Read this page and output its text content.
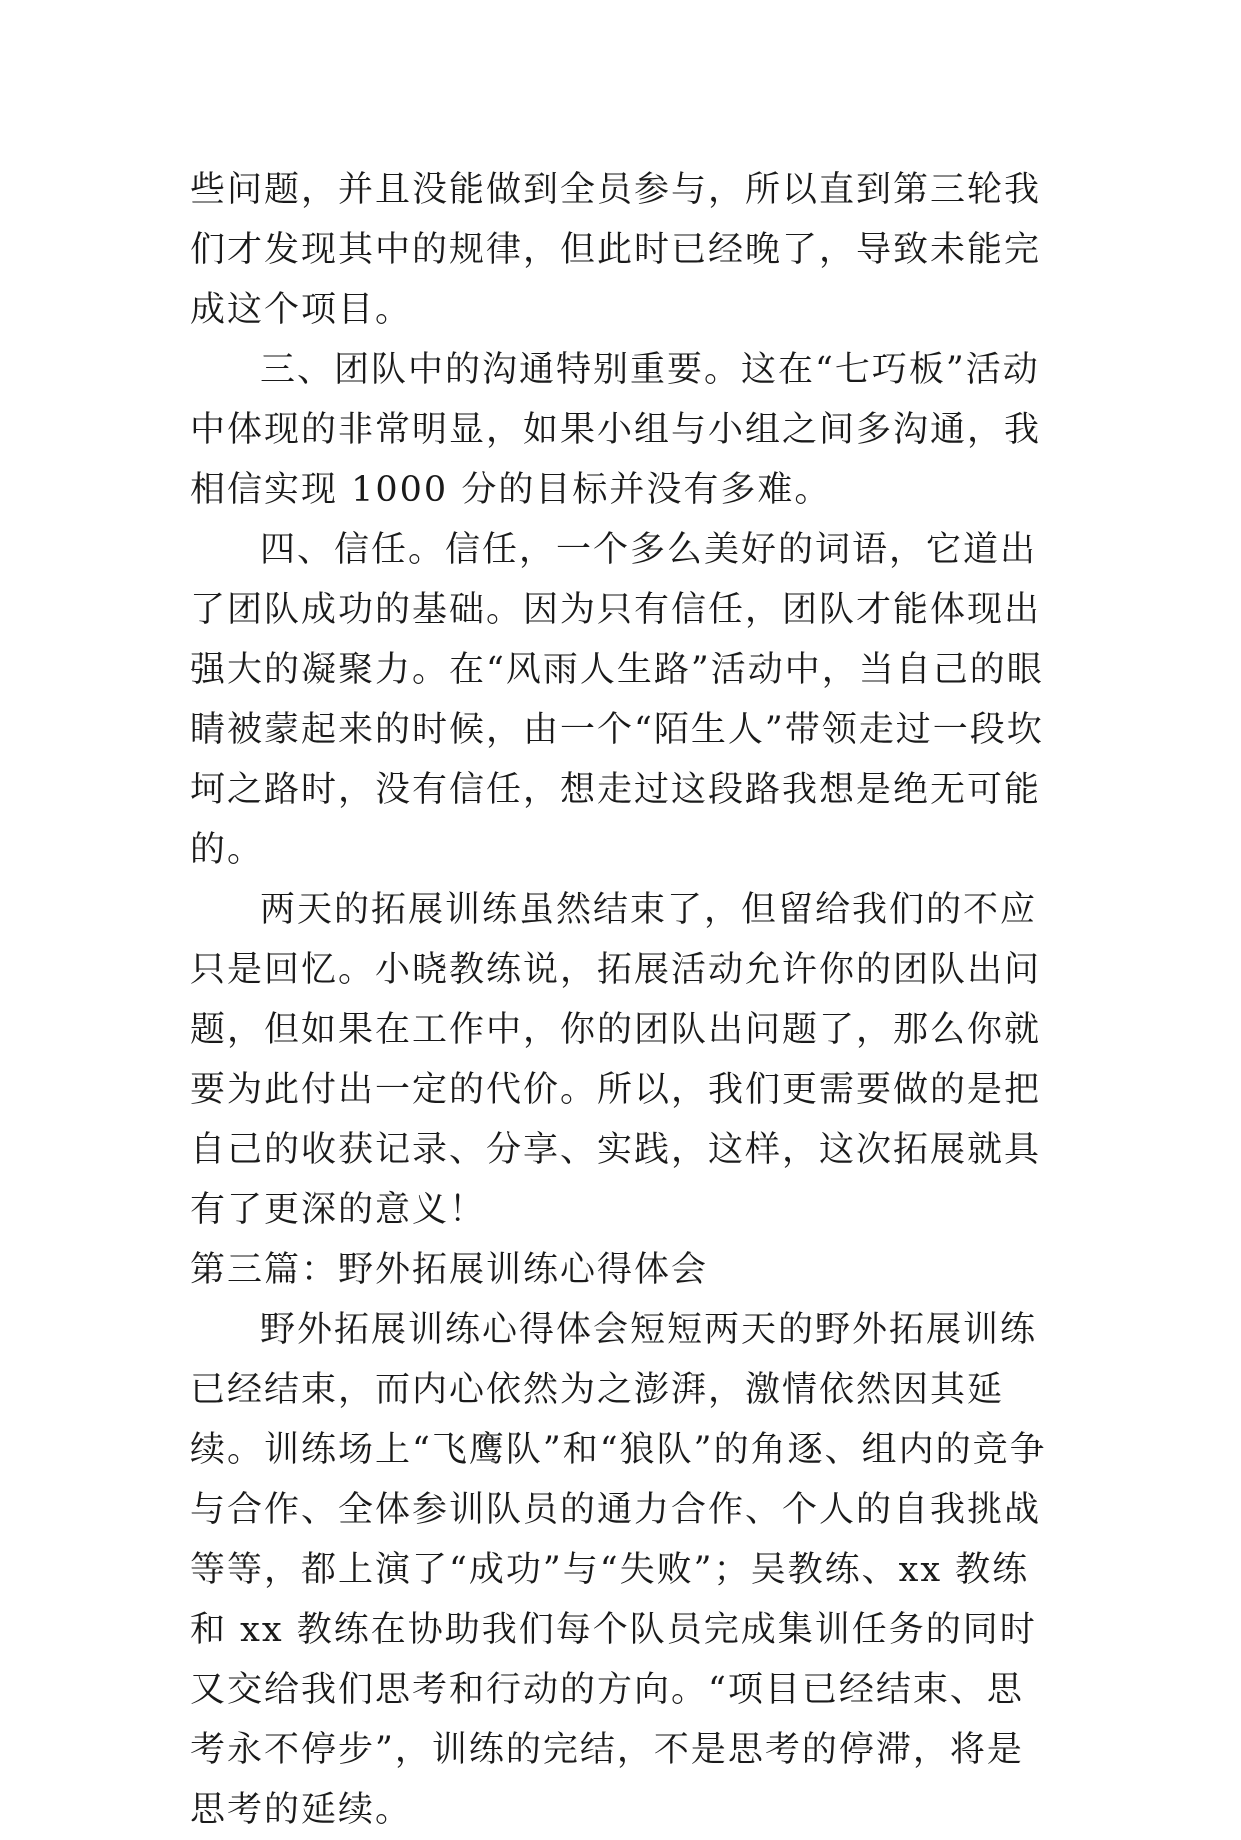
些问题，并且没能做到全员参与，所以直到第三轮我们才发现其中的规律，但此时已经晚了，导致未能完成这个项目。

三、团队中的沟通特别重要。这在“七巧板”活动中体现的非常明显，如果小组与小组之间多沟通，我相信实现 1000 分的目标并没有多难。

四、信任。信任，一个多么美好的词语，它道出了团队成功的基础。因为只有信任，团队才能体现出强大的凝聚力。在“风雨人生路”活动中，当自己的眼睛被蒙起来的时候，由一个“陌生人”带领走过一段坎坷之路时，没有信任，想走过这段路我想是绝无可能的。

两天的拓展训练虽然结束了，但留给我们的不应只是回忆。小晓教练说，拓展活动允许你的团队出问题，但如果在工作中，你的团队出问题了，那么你就要为此付出一定的代价。所以，我们更需要做的是把自己的收获记录、分享、实践，这样，这次拓展就具有了更深的意义！

第三篇：野外拓展训练心得体会

野外拓展训练心得体会短短两天的野外拓展训练已经结束，而内心依然为之澎湃，激情依然因其延续。训练场上“飞鹰队”和“狼队”的角逐、组内的竞争与合作、全体参训队员的通力合作、个人的自我挑战等等，都上演了“成功”与“失败”；吴教练、xx 教练和 xx 教练在协助我们每个队员完成集训任务的同时又交给我们思考和行动的方向。“项目已经结束、思考永不停步”，训练的完结，不是思考的停滞，将是思考的延续。
